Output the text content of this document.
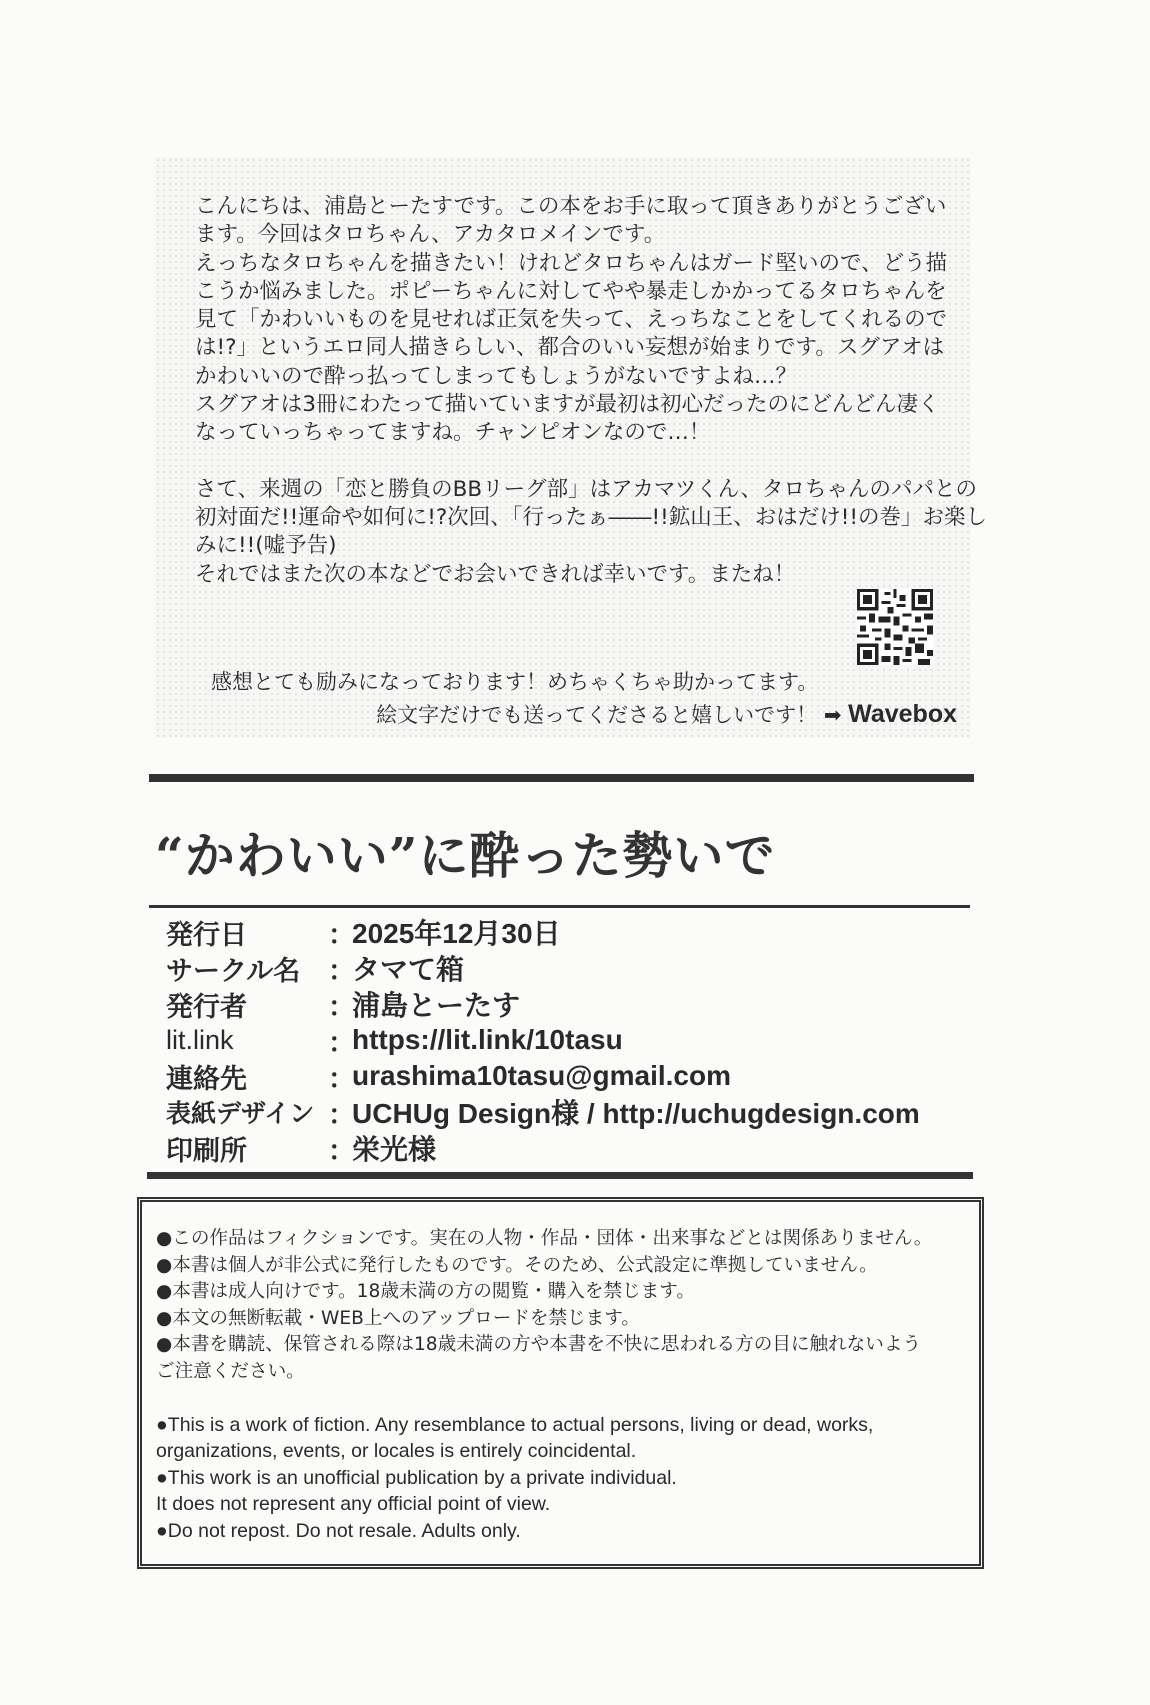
こんにちは、浦島とーたすです。この本をお手に取って頂きありがとうござい

ます。今回はタロちゃん、アカタロメインです。

えっちなタロちゃんを描きたい！けれどタロちゃんはガード堅いので、どう描

こうか悩みました。ポピーちゃんに対してやや暴走しかかってるタロちゃんを

見て「かわいいものを見せれば正気を失って、えっちなことをしてくれるので

は!?」というエロ同人描きらしい、都合のいい妄想が始まりです。スグアオは

かわいいので酔っ払ってしまってもしょうがないですよね…？

スグアオは3冊にわたって描いていますが最初は初心だったのにどんどん凄く

なっていっちゃってますね。チャンピオンなので…！

さて、来週の「恋と勝負のBBリーグ部」はアカマツくん、タロちゃんのパパとの

初対面だ!!運命や如何に!?次回、「行ったぁ――!!鉱山王、おはだけ!!の巻」お楽し

みに!!(嘘予告)

それではまた次の本などでお会いできれば幸いです。またね！

感想とても励みになっております！めちゃくちゃ助かってます。
絵文字だけでも送ってくださると嬉しいです！ ➡ Wavebox
“かわいい”に酔った勢いで
発行日	：
2025年12月30日
サークル名	：
タマて箱
発行者	：
浦島とーたす
lit.link	：
https://lit.link/10tasu
連絡先	：
urashima10tasu@gmail.com
表紙デザイン ：
UCHUg Design様 / http://uchugdesign.com
印刷所	：
栄光様

●この作品はフィクションです。実在の人物・作品・団体・出来事などとは関係ありません。

●本書は個人が非公式に発行したものです。そのため、公式設定に準拠していません。

●本書は成人向けです。18歳未満の方の閲覧・購入を禁じます。

●本文の無断転載・WEB上へのアップロードを禁じます。

●本書を購読、保管される際は18歳未満の方や本書を不快に思われる方の目に触れないよう

ご注意ください。

●This is a work of fiction. Any resemblance to actual persons, living or dead, works,

organizations, events, or locales is entirely coincidental.

●This work is an unofficial publication by a private individual.

It does not represent any official point of view.

●Do not repost. Do not resale. Adults only.
